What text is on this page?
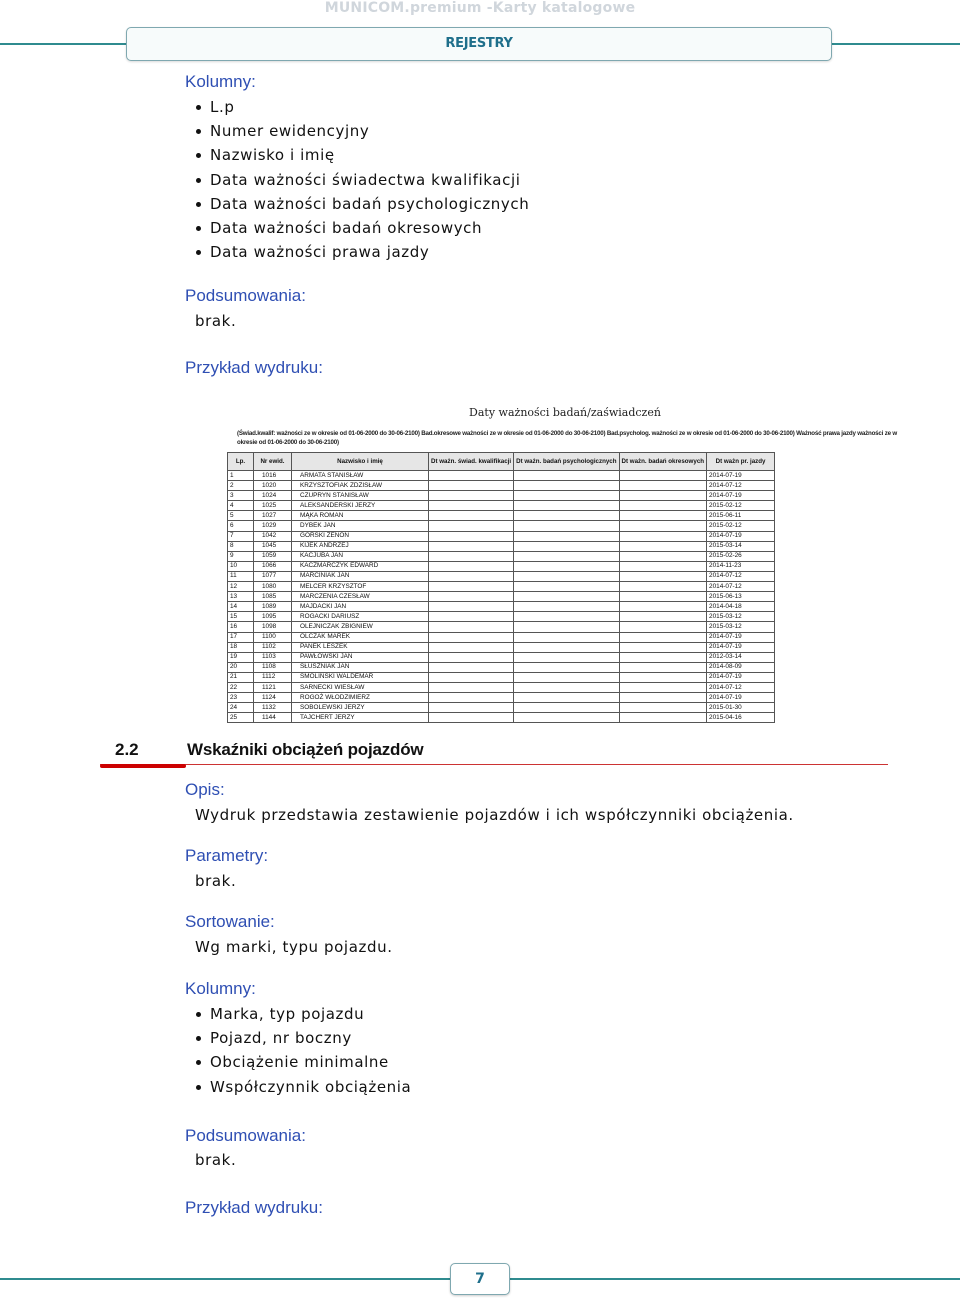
MUNICOM.premium -Karty katalogowe
REJESTRY
Kolumny:
L.p
Numer ewidencyjny
Nazwisko i imię
Data ważności świadectwa kwalifikacji
Data ważności badań psychologicznych
Data ważności badań okresowych
Data ważności prawa jazdy
Podsumowania:
brak.
Przykład wydruku:
Daty ważności badań/zaświadczeń
(Świad.kwalif: ważności ze w okresie od 01-06-2000 do 30-06-2100) Bad.okresowe ważności ze w okresie od 01-06-2000 do 30-06-2100) Bad.psycholog. ważności ze w okresie od 01-06-2000 do 30-06-2100) Ważność prawa jazdy ważności ze w okresie od 01-06-2000 do 30-06-2100)
Lp.	Nr ewid.	Nazwisko i imię	Dt ważn. świad. kwalifikacji	Dt ważn. badań psychologicznych	Dt ważn. badań okresowych	Dt ważn pr. jazdy
1	1016	ARMATA STANISŁAW				2014-07-19
2	1020	KRZYSZTOFIAK ZDZISŁAW				2014-07-12
3	1024	CZUPRYN STANISŁAW				2014-07-19
4	1025	ALEKSANDERSKI JERZY				2015-02-12
5	1027	MĄKA ROMAN				2015-06-11
6	1029	DYBEK JAN				2015-02-12
7	1042	GÓRSKI ZENON				2014-07-19
8	1045	KIJEK ANDRZEJ				2015-03-14
9	1059	KACJUBA JAN				2015-02-26
10	1066	KACZMARCZYK EDWARD				2014-11-23
11	1077	MARCINIAK JAN				2014-07-12
12	1080	MELCER KRZYSZTOF				2014-07-12
13	1085	MARCZENIA CZESŁAW				2015-06-13
14	1089	MAJDACKI JAN				2014-04-18
15	1095	ROGACKI DARIUSZ				2015-03-12
16	1098	OLEJNICZAK ZBIGNIEW				2015-03-12
17	1100	OLCZAK MAREK				2014-07-19
18	1102	PANEK LESZEK				2014-07-19
19	1103	PAWŁOWSKI JAN				2012-03-14
20	1108	SŁUSZNIAK JAN				2014-08-09
21	1112	SMOLIŃSKI WALDEMAR				2014-07-19
22	1121	SARNECKI WIESŁAW				2014-07-12
23	1124	ROGOŻ WŁODZIMIERZ				2014-07-19
24	1132	SOBOLEWSKI JERZY				2015-01-30
25	1144	TAJCHERT JERZY				2015-04-16
2.2	Wskaźniki obciążeń pojazdów
Opis:
Wydruk przedstawia zestawienie pojazdów i ich współczynniki obciążenia.
Parametry:
brak.
Sortowanie:
Wg marki, typu pojazdu.
Kolumny:
Marka, typ pojazdu
Pojazd, nr boczny
Obciążenie minimalne
Współczynnik obciążenia
Podsumowania:
brak.
Przykład wydruku:
7
